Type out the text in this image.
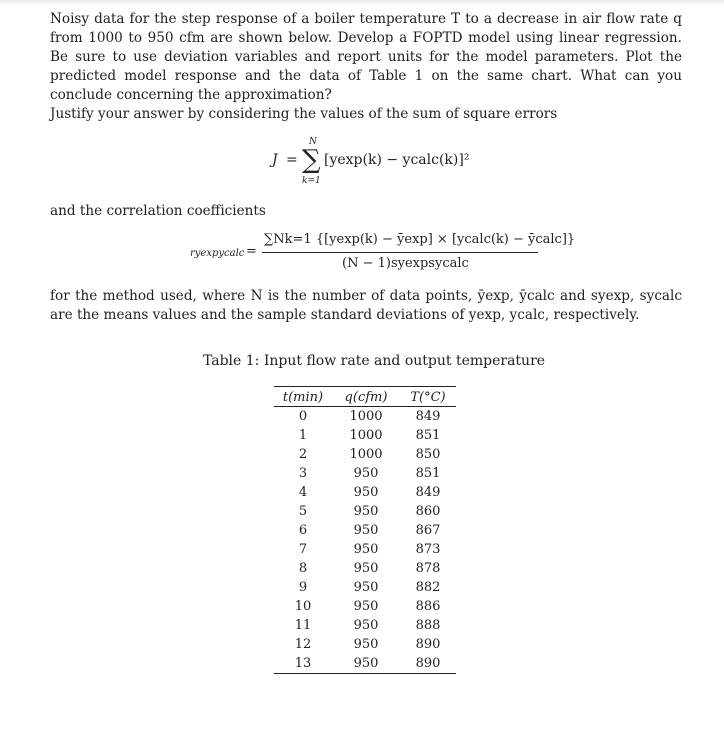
Noisy data for the step response of a boiler temperature T to a decrease in air flow rate q from 1000 to 950 cfm are shown below. Develop a FOPTD model using linear regression. Be sure to use deviation variables and report units for the model parameters. Plot the predicted model response and the data of Table 1 on the same chart. What can you conclude concerning the approximation?
Justify your answer by considering the values of the sum of square errors
J = ∑
N
k=1
[yexp(k) − ycalc(k)]²
and the correlation coefficients
ryexpycalc =
∑Nk=1 {[yexp(k) − ȳexp] × [ycalc(k) − ȳcalc]}
(N − 1)syexpsycalc
for the method used, where N is the number of data points, ȳexp, ȳcalc and syexp, sycalc are the means values and the sample standard deviations of yexp, ycalc, respectively.
Table 1: Input flow rate and output temperature
t(min)	q(cfm)	T(°C)
0	1000	849
1	1000	851
2	1000	850
3	950	851
4	950	849
5	950	860
6	950	867
7	950	873
8	950	878
9	950	882
10	950	886
11	950	888
12	950	890
13	950	890
